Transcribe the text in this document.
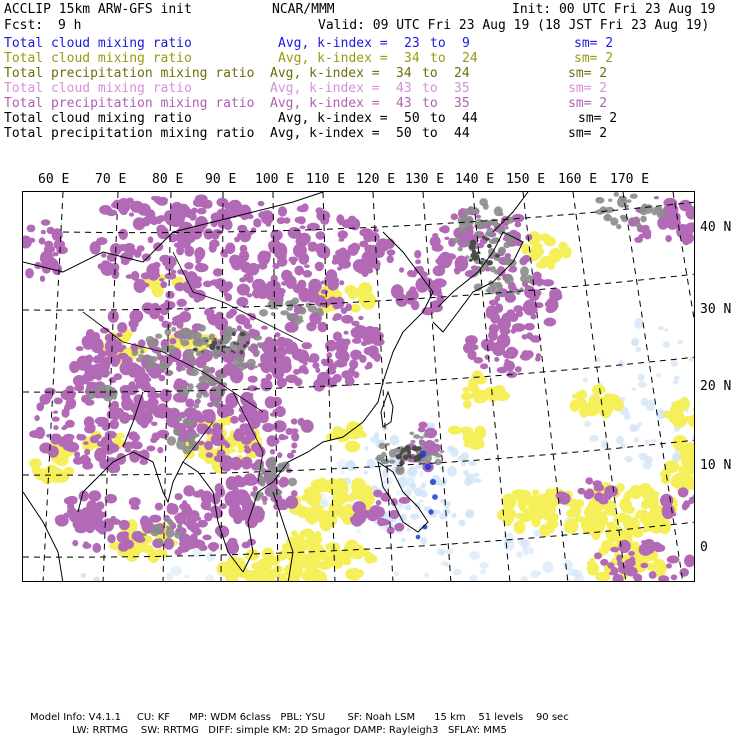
ACCLIP 15km ARW-GFS init	NCAR/MMM	Init: 00 UTC Fri 23 Aug 19
Fcst: 9 h	Valid: 09 UTC Fri 23 Aug 19 (18 JST Fri 23 Aug 19)
Total cloud mixing ratio	Avg, k-index = 23 to 9	sm= 2
Total cloud mixing ratio	Avg, k-index = 34 to 24	sm= 2
Total precipitation mixing ratio Avg, k-index = 34 to 24	sm= 2
Total cloud mixing ratio	Avg, k-index = 43 to 35	sm= 2
Total precipitation mixing ratio Avg, k-index = 43 to 35	sm= 2
Total cloud mixing ratio	Avg, k-index = 50 to 44	sm= 2
Total precipitation mixing ratio Avg, k-index = 50 to 44	sm= 2
60 E 70 E 80 E 90 E 100 E 110 E 120 E 130 E 140 E 150 E 160 E 170 E
40 N
30 N
20 N
10 N
0
Model Info: V4.1.1     CU: KF      MP: WDM 6class   PBL: YSU       SF: Noah LSM      15 km    51 levels    90 sec
LW: RRTMG    SW: RRTMG   DIFF: simple KM: 2D Smagor DAMP: Rayleigh3   SFLAY: MM5
